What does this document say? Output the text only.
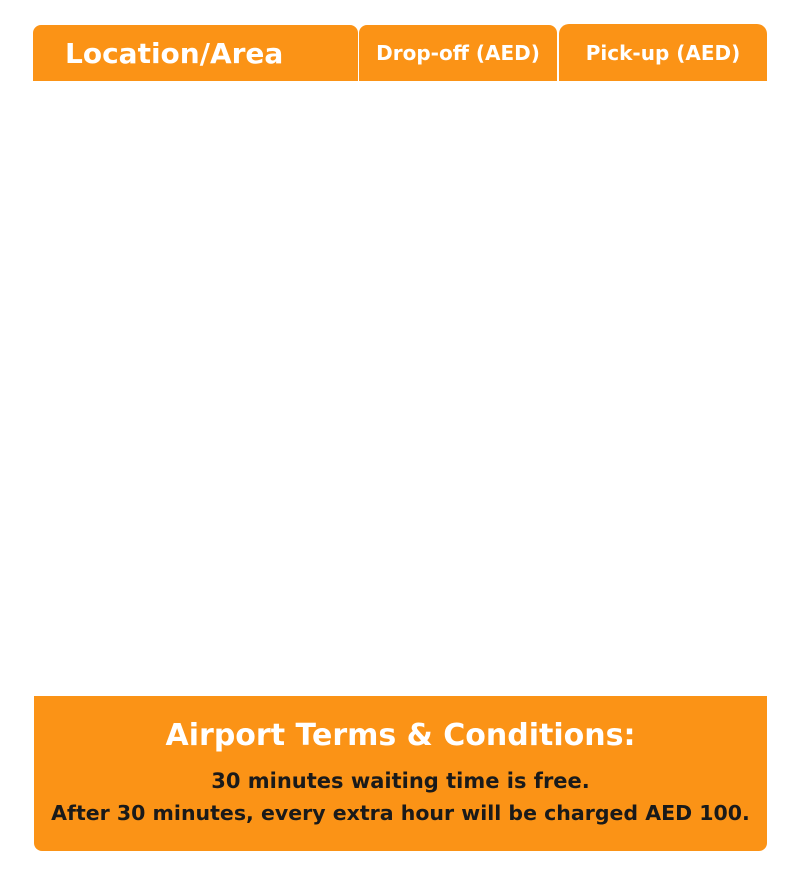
Location/Area	Drop-off (AED) Pick-up (AED)
Airport Terms & Conditions:
30 minutes waiting time is free.
After 30 minutes, every extra hour will be charged AED 100.
